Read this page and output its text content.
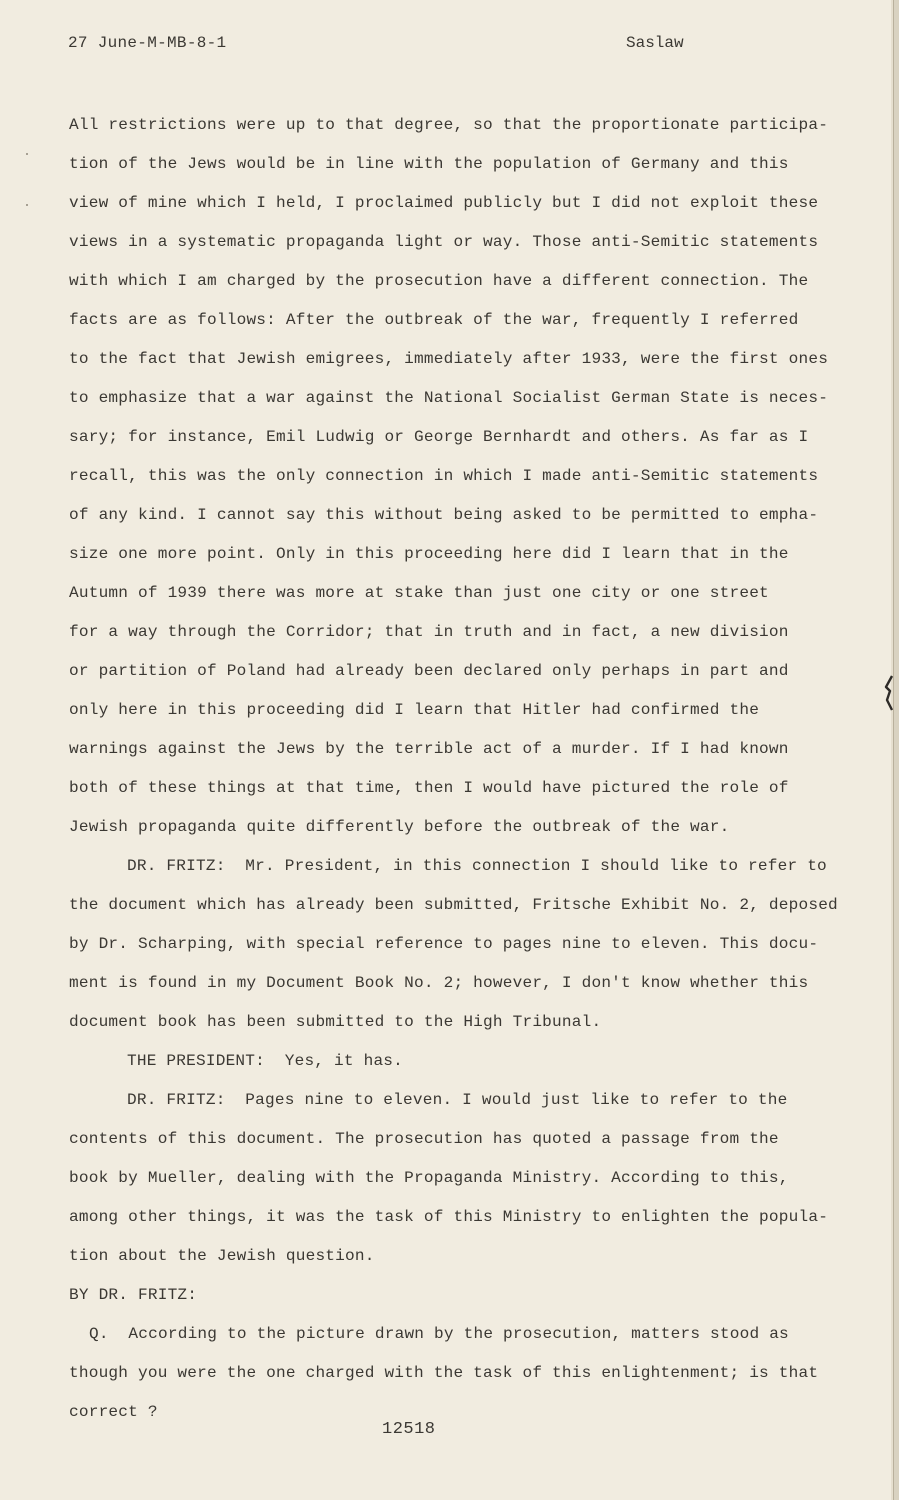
27 June-M-MB-8-1	Saslaw
All restrictions were up to that degree, so that the proportionate participa-
tion of the Jews would be in line with the population of Germany and this
view of mine which I held, I proclaimed publicly but I did not exploit these
views in a systematic propaganda light or way. Those anti-Semitic statements
with which I am charged by the prosecution have a different connection. The
facts are as follows: After the outbreak of the war, frequently I referred
to the fact that Jewish emigrees, immediately after 1933, were the first ones
to emphasize that a war against the National Socialist German State is neces-
sary; for instance, Emil Ludwig or George Bernhardt and others. As far as I
recall, this was the only connection in which I made anti-Semitic statements
of any kind. I cannot say this without being asked to be permitted to empha-
size one more point. Only in this proceeding here did I learn that in the
Autumn of 1939 there was more at stake than just one city or one street
for a way through the Corridor; that in truth and in fact, a new division
or partition of Poland had already been declared only perhaps in part and
only here in this proceeding did I learn that Hitler had confirmed the
warnings against the Jews by the terrible act of a murder. If I had known
both of these things at that time, then I would have pictured the role of
Jewish propaganda quite differently before the outbreak of the war.
DR. FRITZ:  Mr. President, in this connection I should like to refer to
the document which has already been submitted, Fritsche Exhibit No. 2, deposed
by Dr. Scharping, with special reference to pages nine to eleven. This docu-
ment is found in my Document Book No. 2; however, I don't know whether this
document book has been submitted to the High Tribunal.
THE PRESIDENT:  Yes, it has.
DR. FRITZ:  Pages nine to eleven. I would just like to refer to the
contents of this document. The prosecution has quoted a passage from the
book by Mueller, dealing with the Propaganda Ministry. According to this,
among other things, it was the task of this Ministry to enlighten the popula-
tion about the Jewish question.
BY DR. FRITZ:
Q.  According to the picture drawn by the prosecution, matters stood as
though you were the one charged with the task of this enlightenment; is that
correct ?
12518
